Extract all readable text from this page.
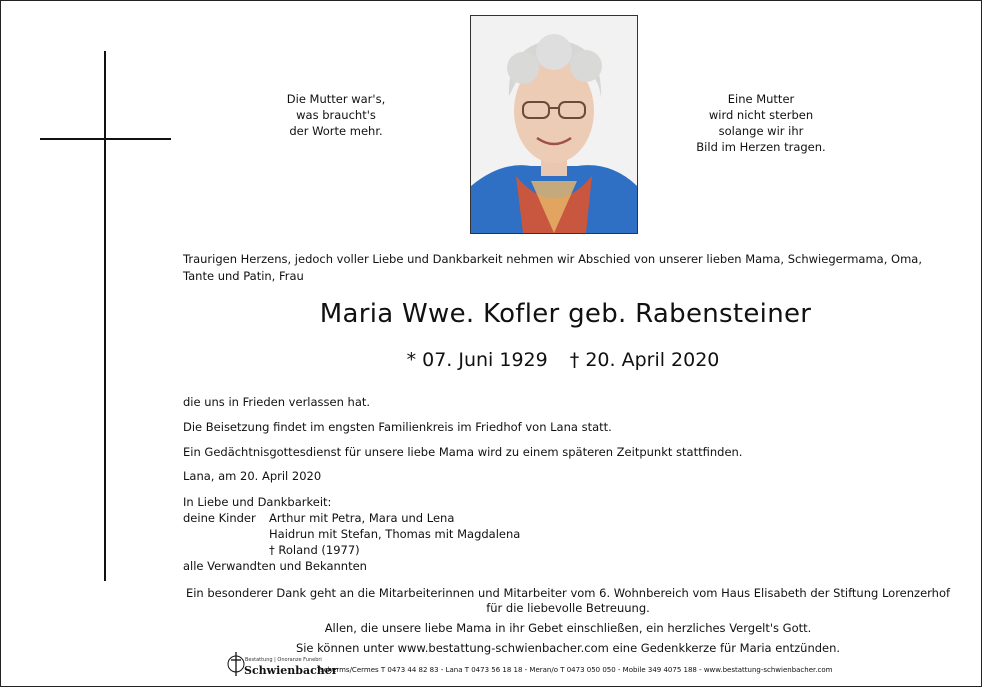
Die Mutter war's,
was braucht's
der Worte mehr.
Eine Mutter
wird nicht sterben
solange wir ihr
Bild im Herzen tragen.
Traurigen Herzens, jedoch voller Liebe und Dankbarkeit nehmen wir Abschied von unserer lieben Mama, Schwiegermama, Oma, Tante und Patin, Frau
Maria Wwe. Kofler geb. Rabensteiner
* 07. Juni 1929 † 20. April 2020
die uns in Frieden verlassen hat.
Die Beisetzung findet im engsten Familienkreis im Friedhof von Lana statt.
Ein Gedächtnisgottesdienst für unsere liebe Mama wird zu einem späteren Zeitpunkt stattfinden.
Lana, am 20. April 2020
In Liebe und Dankbarkeit:
deine Kinder	Arthur mit Petra, Mara und Lena
Haidrun mit Stefan, Thomas mit Magdalena
† Roland (1977)
alle Verwandten und Bekannten
Ein besonderer Dank geht an die Mitarbeiterinnen und Mitarbeiter vom 6. Wohnbereich vom Haus Elisabeth der Stiftung Lorenzerhof
für die liebevolle Betreuung.
Allen, die unsere liebe Mama in ihr Gebet einschließen, ein herzliches Vergelt's Gott.
Sie können unter www.bestattung-schwienbacher.com eine Gedenkkerze für Maria entzünden.
Bestattung | Onoranze Funebri
Schwienbacher
Tscherms/Cermes T 0473 44 82 83 - Lana T 0473 56 18 18 - Meran/o T 0473 050 050 - Mobile 349 4075 188 - www.bestattung-schwienbacher.com
